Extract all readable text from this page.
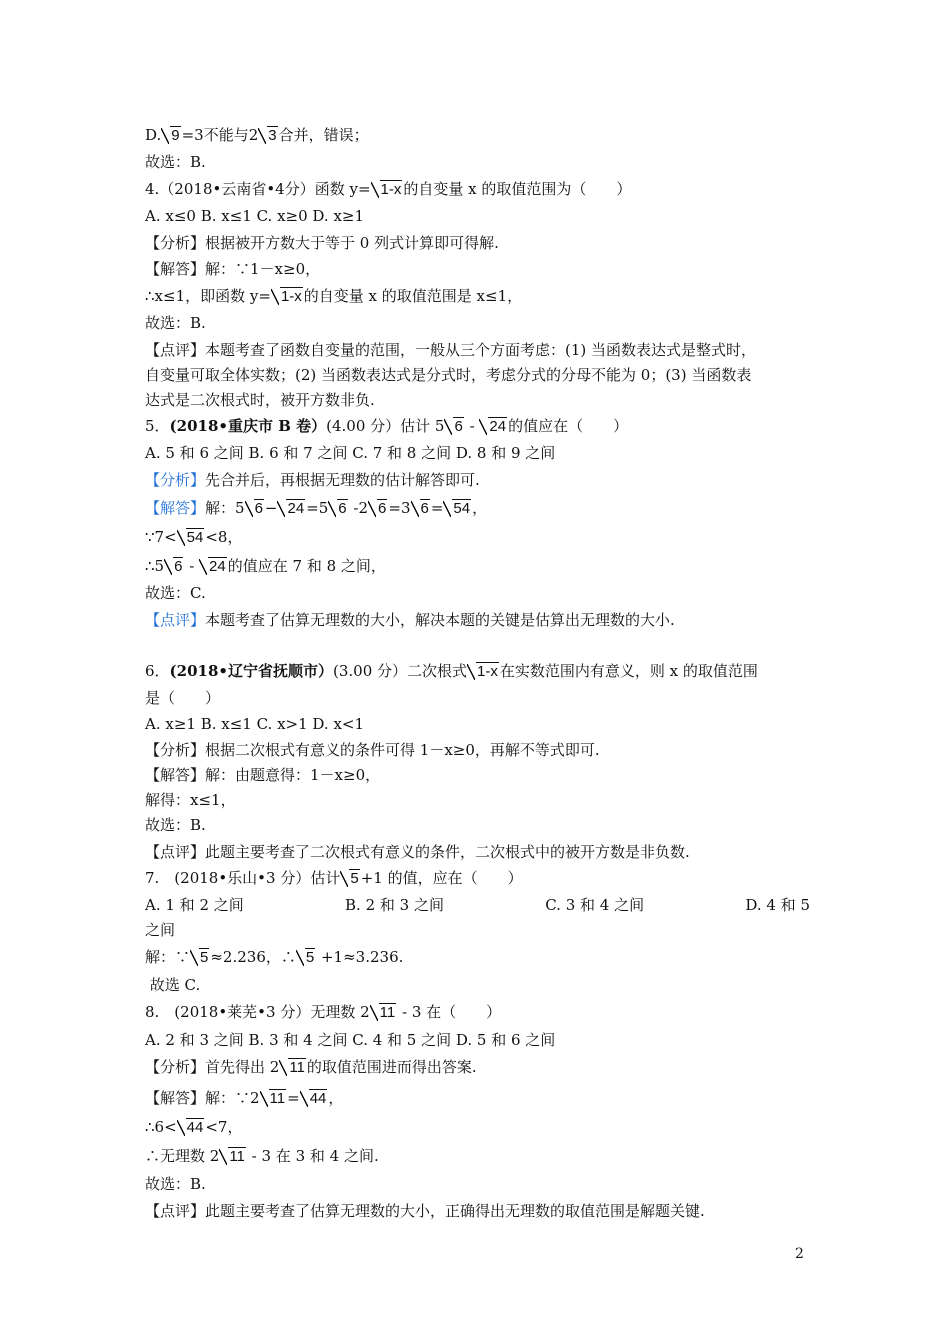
D. 9 =3不能与2 3 合并，错误；
故选：B.
4.（2018•云南省•4分）函数 y= 1-x 的自变量 x 的取值范围为（　　）
A. x≤0 B. x≤1 C. x≥0 D. x≥1
【分析】根据被开方数大于等于 0 列式计算即可得解.
【解答】解：∵1－x≥0，
∴x≤1，即函数 y= 1-x 的自变量 x 的取值范围是 x≤1，
故选：B.
【点评】本题考查了函数自变量的范围，一般从三个方面考虑：(1) 当函数表达式是整式时，
自变量可取全体实数；(2) 当函数表达式是分式时，考虑分式的分母不能为 0；(3) 当函数表
达式是二次根式时，被开方数非负.
5．(2018•重庆市 B 卷）(4.00 分）估计 5 6 - 24 的值应在（　　）
A. 5 和 6 之间 B. 6 和 7 之间 C. 7 和 8 之间 D. 8 和 9 之间
【分析】先合并后，再根据无理数的估计解答即可.
【解答】解：5 6 − 24 =5 6 -2 6 =3 6 = 54 ，
∵7< 54 <8，
∴5 6 - 24 的值应在 7 和 8 之间，
故选：C.
【点评】本题考查了估算无理数的大小，解决本题的关键是估算出无理数的大小.
6．(2018•辽宁省抚顺市）(3.00 分）二次根式 1-x 在实数范围内有意义，则 x 的取值范围
是（　　）
A. x≥1 B. x≤1 C. x>1 D. x<1
【分析】根据二次根式有意义的条件可得 1－x≥0，再解不等式即可.
【解答】解：由题意得：1－x≥0，
解得：x≤1，
故选：B.
【点评】此题主要考查了二次根式有意义的条件，二次根式中的被开方数是非负数.
7.　(2018•乐山•3 分）估计 5 +1 的值，应在（　　）
A. 1 和 2 之间	B. 2 和 3 之间	C. 3 和 4 之间	D. 4 和 5
之间
解：∵ 5 ≈2.236，∴ 5 +1≈3.236.
故选 C.
8.　(2018•莱芜•3 分）无理数 2 11 - 3 在（　　）
A. 2 和 3 之间 B. 3 和 4 之间 C. 4 和 5 之间 D. 5 和 6 之间
【分析】首先得出 2 11 的取值范围进而得出答案.
【解答】解：∵2 11 = 44 ，
∴6< 44 <7，
∴无理数 2 11 - 3 在 3 和 4 之间.
故选：B.
【点评】此题主要考查了估算无理数的大小，正确得出无理数的取值范围是解题关键.
2
